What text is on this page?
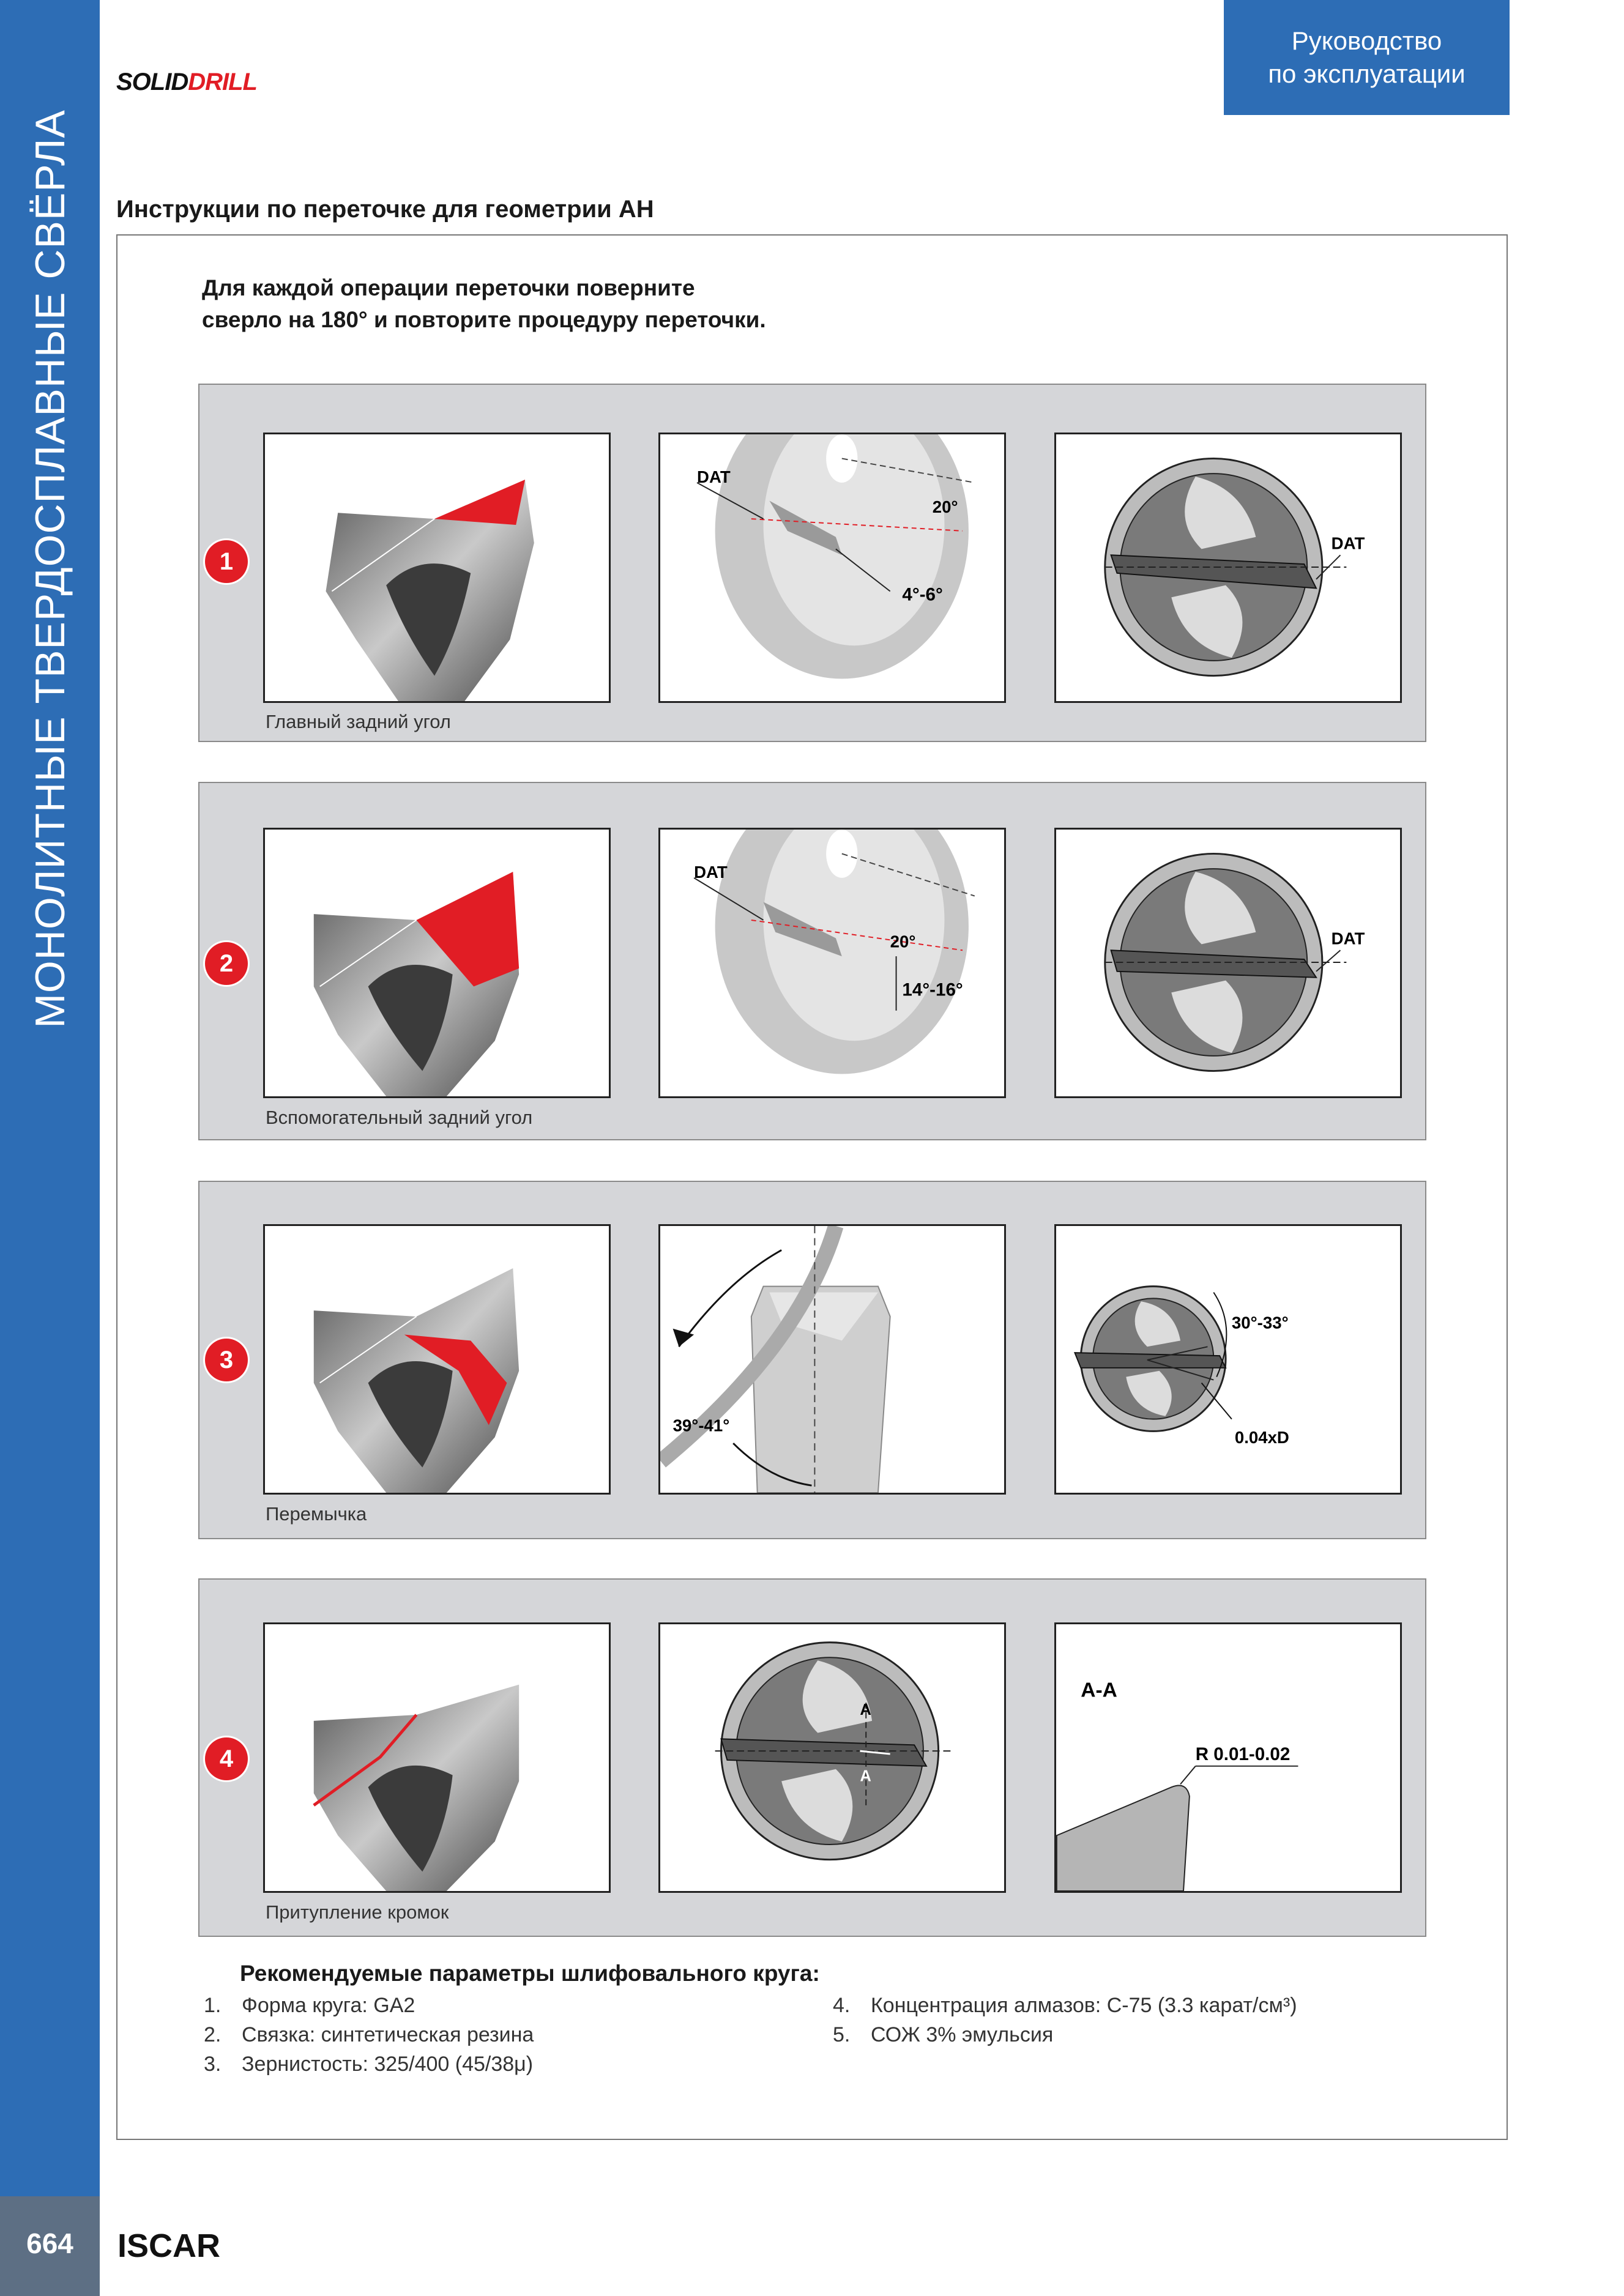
МОНОЛИТНЫЕ ТВЕРДОСПЛАВНЫЕ СВЁРЛА
664	ISCAR
SOLIDDRILL
Руководство
по эксплуатации
Инструкции по переточке для геометрии AH
Для каждой операции переточки поверните
сверло на 180° и повторите процедуру переточки.
1
DAT
20°
4°-6°
DAT
Главный задний угол
2
DAT
20°
14°-16°
DAT
Вспомогательный задний угол
3
39°-41°
30°-33°
0.04xD
Перемычка
4
A
A
A-A
R 0.01-0.02
Притупление кромок
Рекомендуемые параметры шлифовального круга:
1. Форма круга: GA2
2. Связка: синтетическая резина
3. Зернистость: 325/400 (45/38μ)
4. Концентрация алмазов: C-75 (3.3 карат/см³)
5. СОЖ 3% эмульсия
